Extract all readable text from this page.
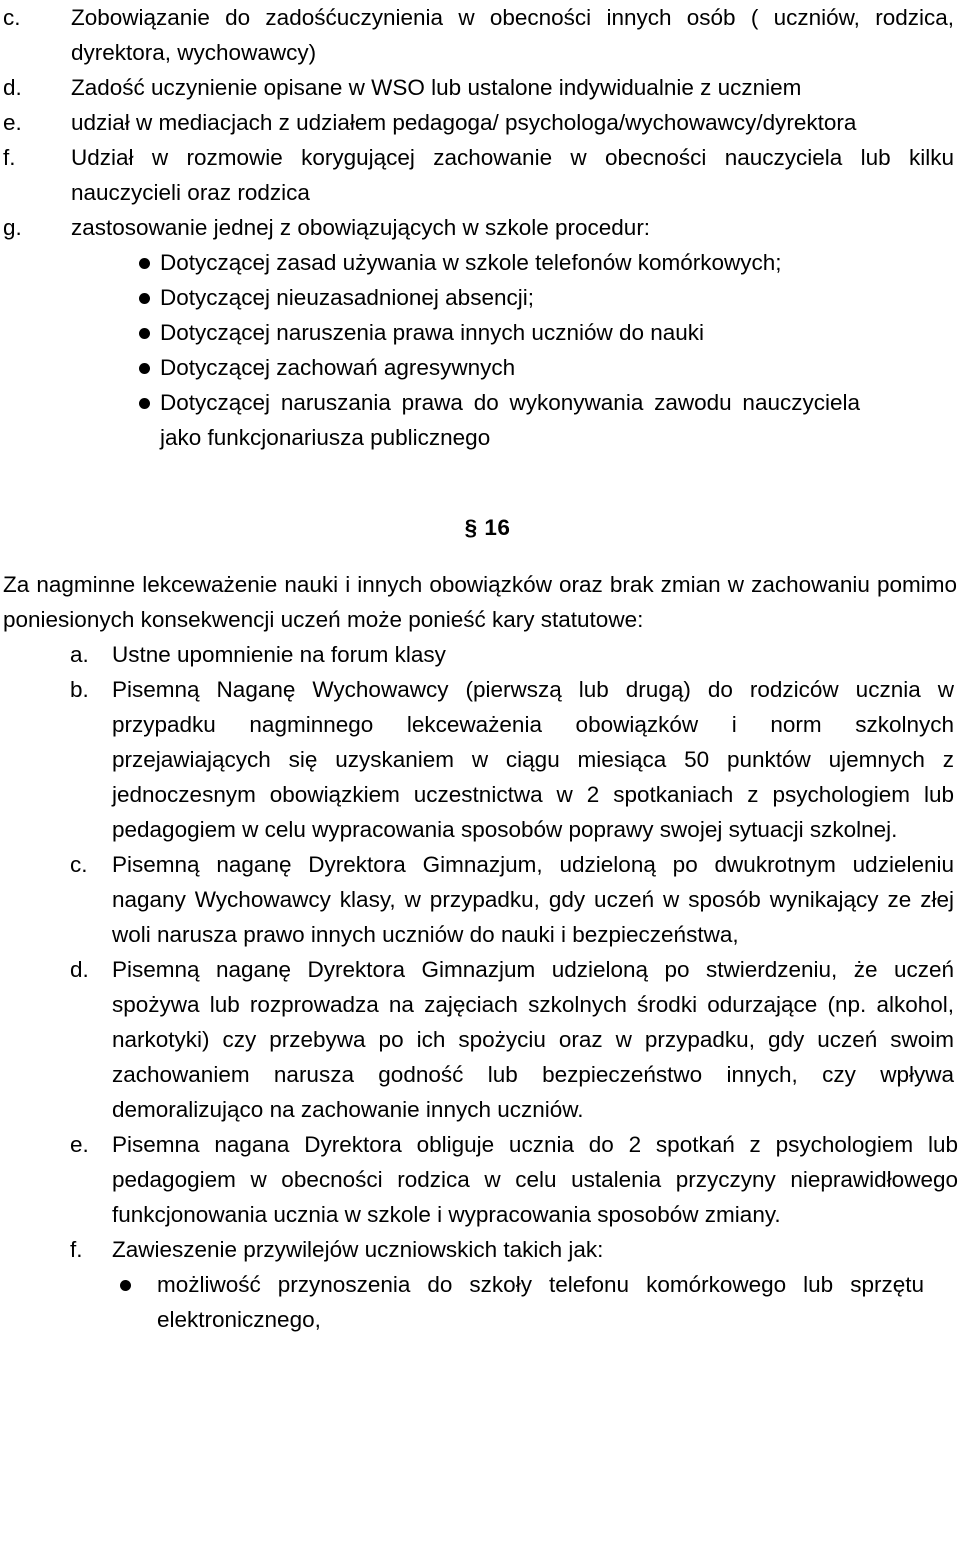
c. Zobowiązanie do zadośćuczynienia w obecności innych osób ( uczniów, rodzica, dyrektora, wychowawcy)
d. Zadość uczynienie opisane w WSO lub ustalone indywidualnie z uczniem
e. udział w mediacjach z udziałem pedagoga/ psychologa/wychowawcy/dyrektora
f. Udział w rozmowie korygującej zachowanie w obecności nauczyciela lub kilku nauczycieli oraz rodzica
g. zastosowanie jednej z obowiązujących w szkole procedur:
Dotyczącej zasad używania w szkole telefonów komórkowych;
Dotyczącej nieuzasadnionej absencji;
Dotyczącej naruszenia prawa innych uczniów do nauki
Dotyczącej zachowań agresywnych
Dotyczącej naruszania prawa do wykonywania zawodu nauczyciela jako funkcjonariusza publicznego
§ 16
Za nagminne lekceważenie nauki i innych obowiązków oraz brak zmian w zachowaniu pomimo poniesionych konsekwencji uczeń może ponieść kary statutowe:
a. Ustne upomnienie na forum klasy
b. Pisemną Naganę Wychowawcy (pierwszą lub drugą) do rodziców ucznia w przypadku nagminnego lekceważenia obowiązków i norm szkolnych przejawiających się uzyskaniem w ciągu miesiąca 50 punktów ujemnych z jednoczesnym obowiązkiem uczestnictwa w 2 spotkaniach z psychologiem lub pedagogiem w celu wypracowania sposobów poprawy swojej sytuacji szkolnej.
c. Pisemną naganę Dyrektora Gimnazjum, udzieloną po dwukrotnym udzieleniu nagany Wychowawcy klasy, w przypadku, gdy uczeń w sposób wynikający ze złej woli narusza prawo innych uczniów do nauki i bezpieczeństwa,
d. Pisemną naganę Dyrektora Gimnazjum udzieloną po stwierdzeniu, że uczeń spożywa lub rozprowadza na zajęciach szkolnych środki odurzające (np. alkohol, narkotyki) czy przebywa po ich spożyciu oraz w przypadku, gdy uczeń swoim zachowaniem narusza godność lub bezpieczeństwo innych, czy wpływa demoralizująco na zachowanie innych uczniów.
e. Pisemna nagana Dyrektora obliguje ucznia do 2 spotkań z psychologiem lub pedagogiem w obecności rodzica w celu ustalenia przyczyny nieprawidłowego funkcjonowania ucznia w szkole i wypracowania sposobów zmiany.
f. Zawieszenie przywilejów uczniowskich takich jak:
możliwość przynoszenia do szkoły telefonu komórkowego lub sprzętu elektronicznego,
